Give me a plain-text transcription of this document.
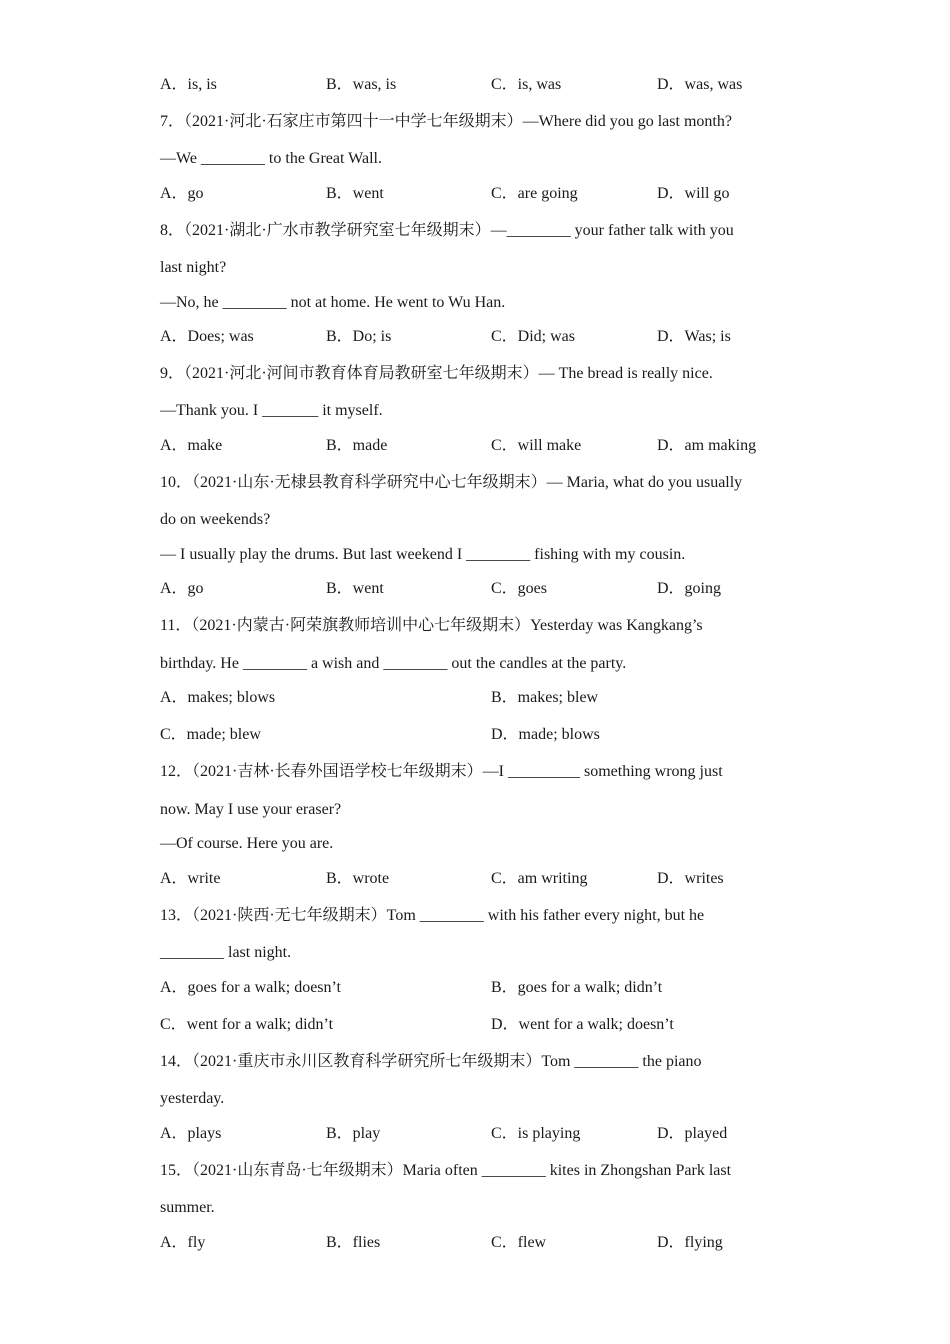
A．is, is	B．was, is	C．is, was	D．was, was
7．（2021·河北·石家庄市第四十一中学七年级期末）—Where did you go last month?
—We ________ to the Great Wall.
A．go	B．went	C．are going	D．will go
8．（2021·湖北·广水市教学研究室七年级期末）—________ your father talk with you
last night?
—No, he ________ not at home. He went to Wu Han.
A．Does; was	B．Do; is	C．Did; was	D．Was; is
9．（2021·河北·河间市教育体育局教研室七年级期末）— The bread is really nice.
—Thank you. I _______ it myself.
A．make	B．made	C．will make	D．am making
10．（2021·山东·无棣县教育科学研究中心七年级期末）— Maria, what do you usually
do on weekends?
— I usually play the drums. But last weekend I ________ fishing with my cousin.
A．go	B．went	C．goes	D．going
11．（2021·内蒙古·阿荣旗教师培训中心七年级期末）Yesterday was Kangkang’s
birthday. He ________ a wish and ________ out the candles at the party.
A．makes; blows	B．makes; blew
C．made; blew	D．made; blows
12．（2021·吉林·长春外国语学校七年级期末）—I _________ something wrong just
now. May I use your eraser?
—Of course. Here you are.
A．write	B．wrote	C．am writing	D．writes
13．（2021·陕西·无七年级期末）Tom ________ with his father every night, but he
________ last night.
A．goes for a walk; doesn’t	B．goes for a walk; didn’t
C．went for a walk; didn’t	D．went for a walk; doesn’t
14．（2021·重庆市永川区教育科学研究所七年级期末）Tom ________ the piano
yesterday.
A．plays	B．play	C．is playing	D．played
15．（2021·山东青岛·七年级期末）Maria often ________ kites in Zhongshan Park last
summer.
A．fly	B．flies	C．flew	D．flying
